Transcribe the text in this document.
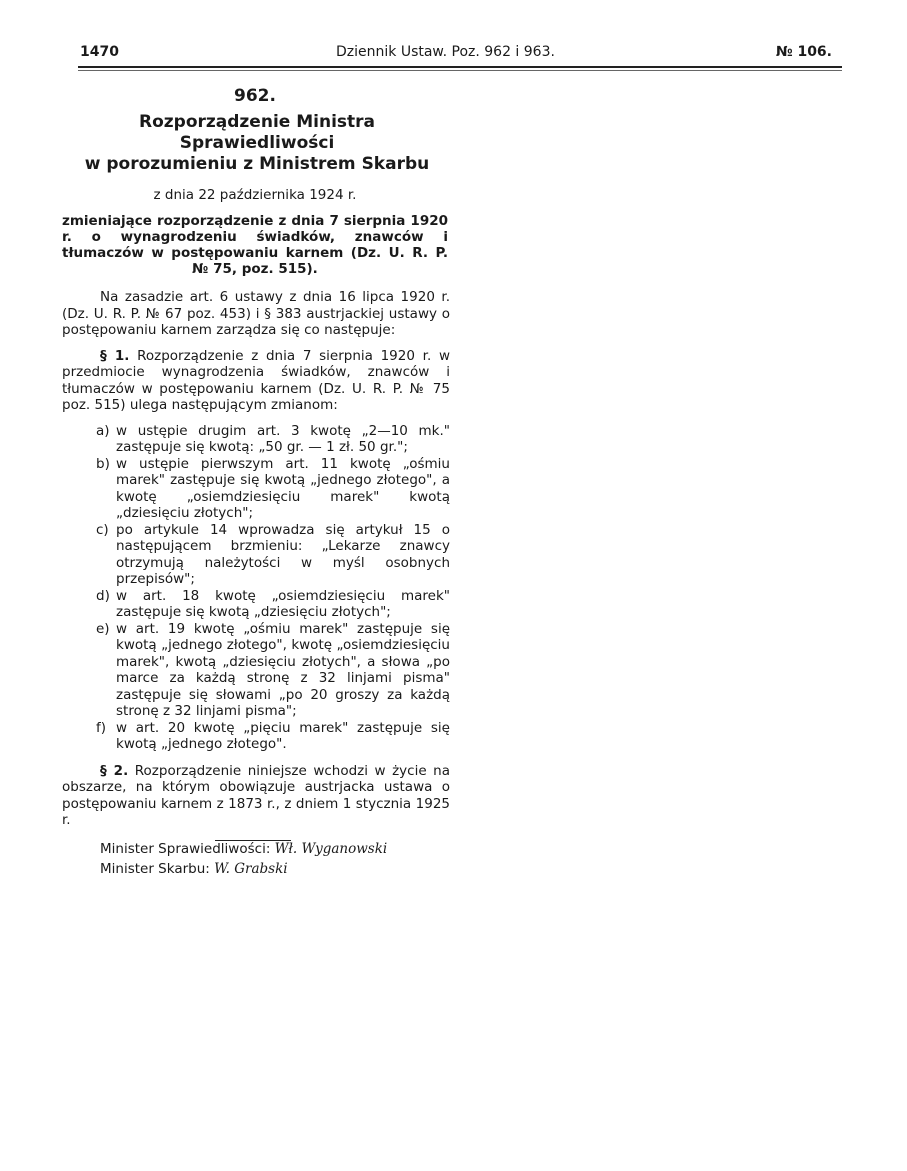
1470	Dziennik Ustaw. Poz. 962 i 963.	№ 106.
962.
Rozporządzenie Ministra Sprawiedliwości
w porozumieniu z Ministrem Skarbu
z dnia 22 października 1924 r.
zmieniające rozporządzenie z dnia 7 sierpnia 1920 r. o wynagrodzeniu świadków, znawców i tłumaczów w postępowaniu karnem (Dz. U. R. P. № 75, poz. 515).

Na zasadzie art. 6 ustawy z dnia 16 lipca 1920 r. (Dz. U. R. P. № 67 poz. 453) i § 383 austrjackiej ustawy o postępowaniu karnem zarządza się co następuje:

§ 1. Rozporządzenie z dnia 7 sierpnia 1920 r. w przedmiocie wynagrodzenia świadków, znawców i tłumaczów w postępowaniu karnem (Dz. U. R. P. № 75 poz. 515) ulega następującym zmianom:

a) w ustępie drugim art. 3 kwotę „2—10 mk." zastępuje się kwotą: „50 gr. — 1 zł. 50 gr.";
b) w ustępie pierwszym art. 11 kwotę „ośmiu marek" zastępuje się kwotą „jednego złotego", a kwotę „osiemdziesięciu marek" kwotą „dziesięciu złotych";
c) po artykule 14 wprowadza się artykuł 15 o następującem brzmieniu: „Lekarze znawcy otrzymują należytości w myśl osobnych przepisów";
d) w art. 18 kwotę „osiemdziesięciu marek" zastępuje się kwotą „dziesięciu złotych";
e) w art. 19 kwotę „ośmiu marek" zastępuje się kwotą „jednego złotego", kwotę „osiemdziesięciu marek", kwotą „dziesięciu złotych", a słowa „po marce za każdą stronę z 32 linjami pisma" zastępuje się słowami „po 20 groszy za każdą stronę z 32 linjami pisma";
f) w art. 20 kwotę „pięciu marek" zastępuje się kwotą „jednego złotego".

§ 2. Rozporządzenie niniejsze wchodzi w życie na obszarze, na którym obowiązuje austrjacka ustawa o postępowaniu karnem z 1873 r., z dniem 1 stycznia 1925 r.

Minister Sprawiedliwości: Wł. Wyganowski
Minister Skarbu: W. Grabski
